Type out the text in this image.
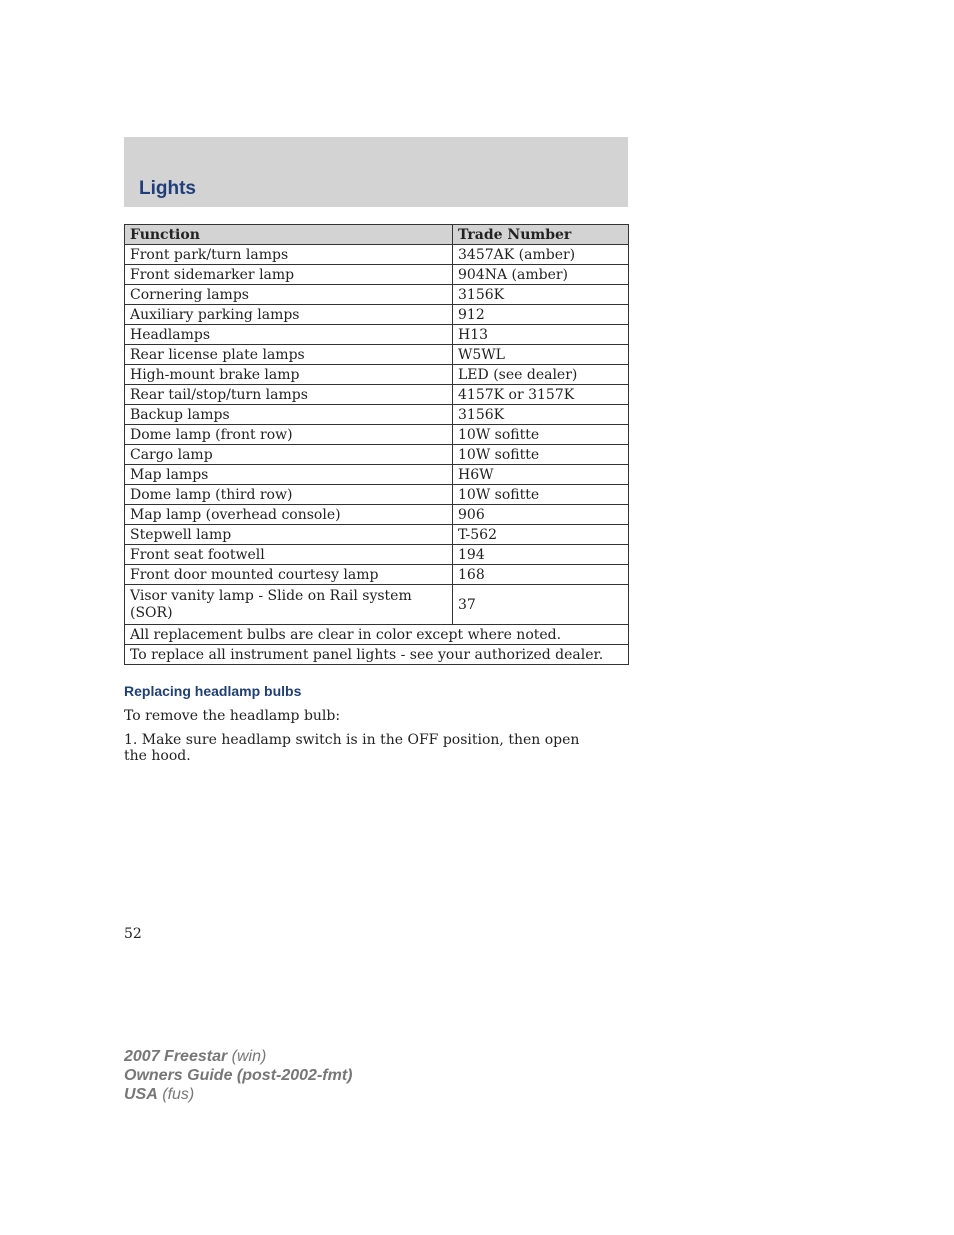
Lights
Function	Trade Number
Front park/turn lamps	3457AK (amber)
Front sidemarker lamp	904NA (amber)
Cornering lamps	3156K
Auxiliary parking lamps	912
Headlamps	H13
Rear license plate lamps	W5WL
High-mount brake lamp	LED (see dealer)
Rear tail/stop/turn lamps	4157K or 3157K
Backup lamps	3156K
Dome lamp (front row)	10W sofitte
Cargo lamp	10W sofitte
Map lamps	H6W
Dome lamp (third row)	10W sofitte
Map lamp (overhead console)	906
Stepwell lamp	T-562
Front seat footwell	194
Front door mounted courtesy lamp	168
Visor vanity lamp - Slide on Rail system (SOR)	37
All replacement bulbs are clear in color except where noted.	
To replace all instrument panel lights - see your authorized dealer.	
Replacing headlamp bulbs
To remove the headlamp bulb:
1. Make sure headlamp switch is in the OFF position, then open the hood.
52
2007 Freestar (win)
Owners Guide (post-2002-fmt)
USA (fus)
